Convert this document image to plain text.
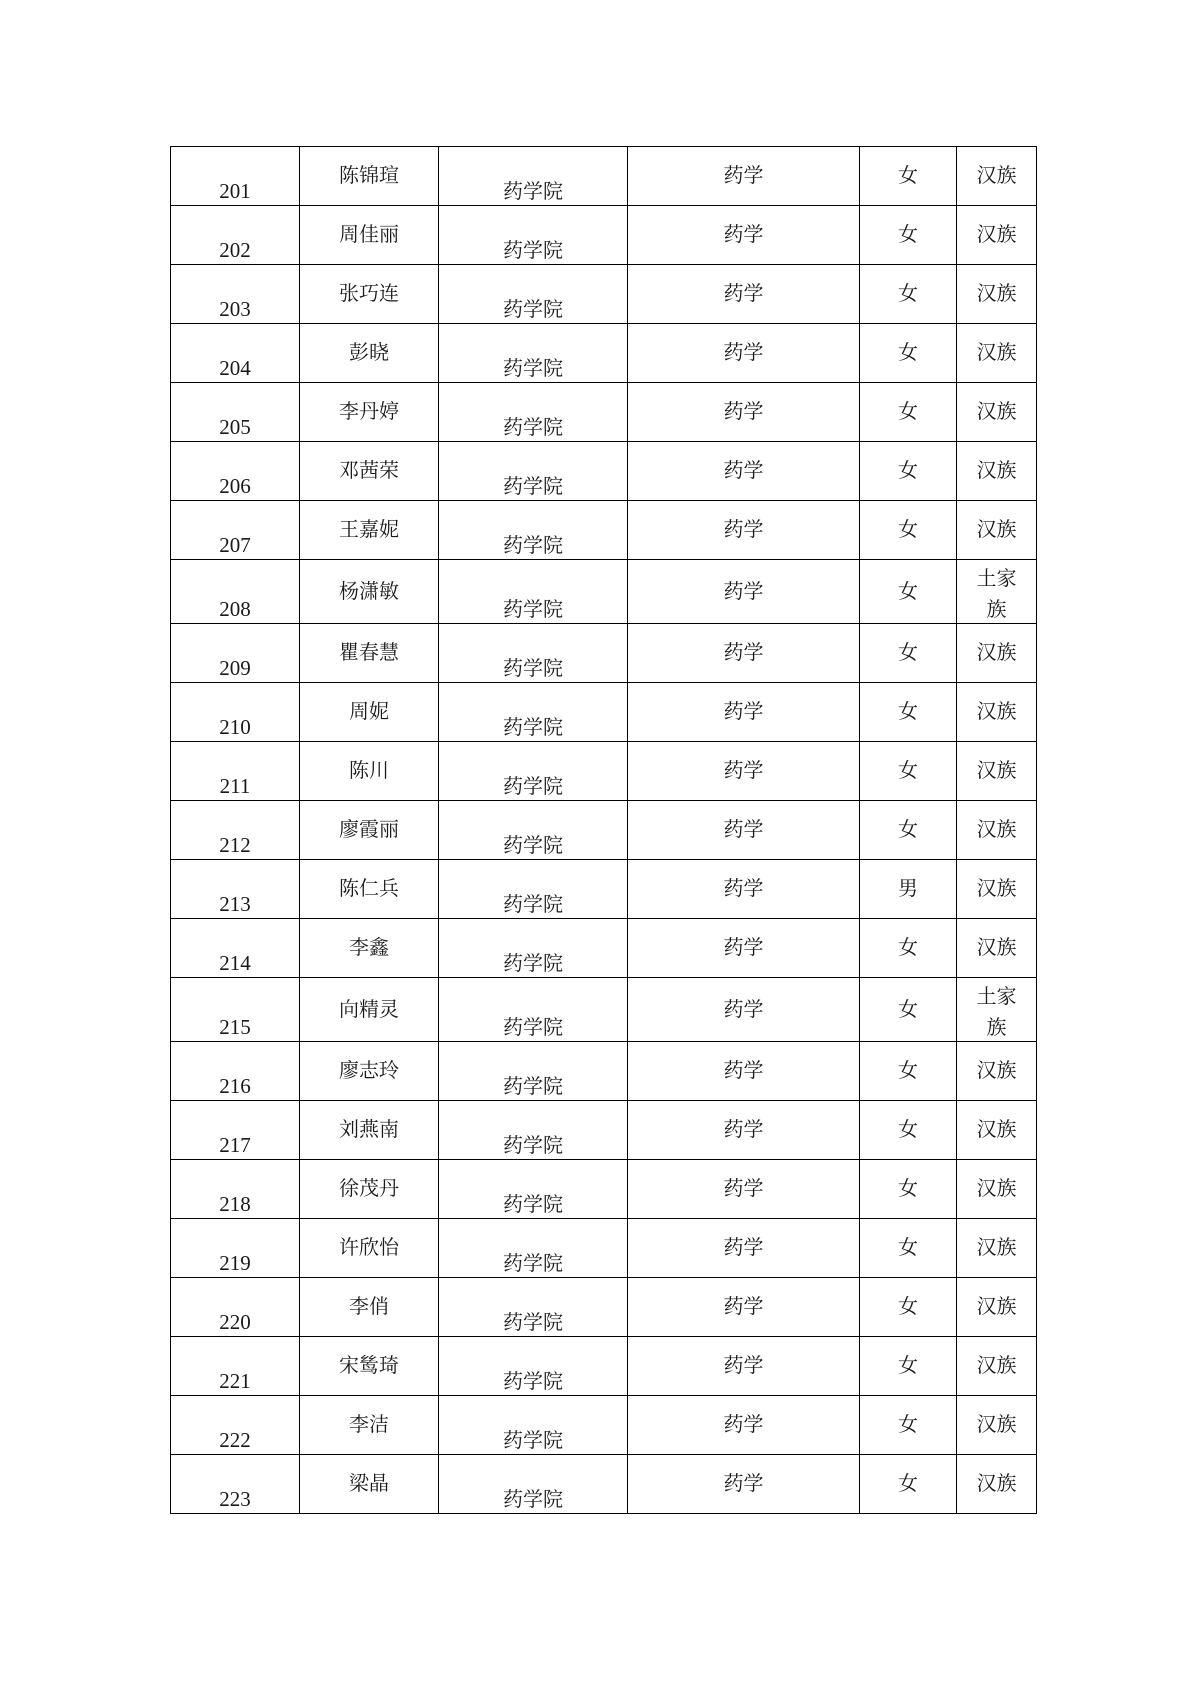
201	陈锦瑄	药学院	药学	女	汉族

202	周佳丽	药学院	药学	女	汉族

203	张巧连	药学院	药学	女	汉族

204	彭晓	药学院	药学	女	汉族

205	李丹婷	药学院	药学	女	汉族

206	邓茜荣	药学院	药学	女	汉族

207	王嘉妮	药学院	药学	女	汉族

208	杨潇敏	药学院	药学	女	土家族

209	瞿春慧	药学院	药学	女	汉族

210	周妮	药学院	药学	女	汉族

211	陈川	药学院	药学	女	汉族

212	廖霞丽	药学院	药学	女	汉族

213	陈仁兵	药学院	药学	男	汉族

214	李鑫	药学院	药学	女	汉族

215	向精灵	药学院	药学	女	土家族

216	廖志玲	药学院	药学	女	汉族

217	刘燕南	药学院	药学	女	汉族

218	徐茂丹	药学院	药学	女	汉族

219	许欣怡	药学院	药学	女	汉族

220	李俏	药学院	药学	女	汉族

221	宋鸶琦	药学院	药学	女	汉族

222	李洁	药学院	药学	女	汉族

223	梁晶	药学院	药学	女	汉族
